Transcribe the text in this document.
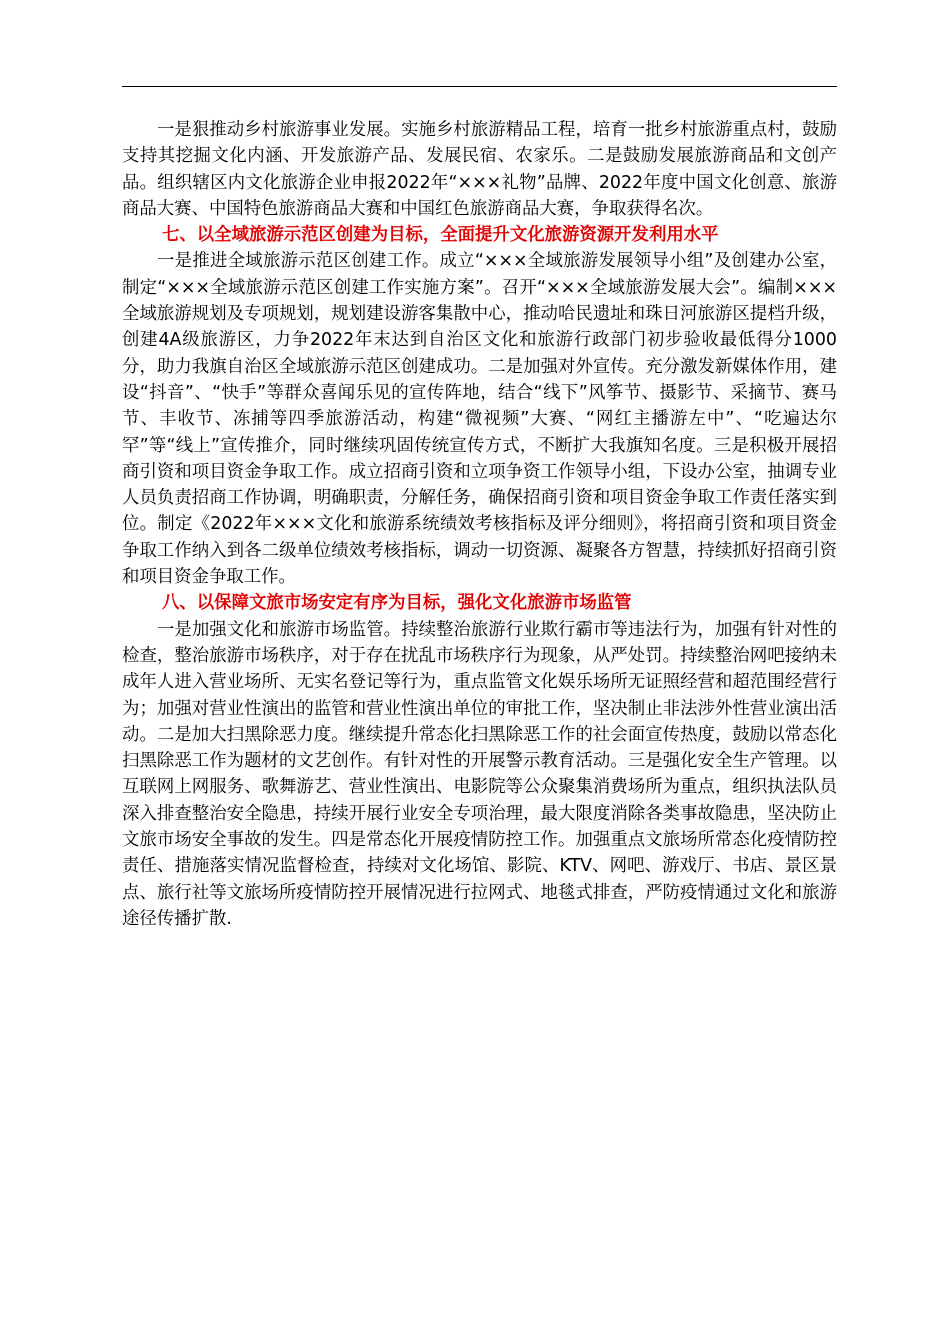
一是狠推动乡村旅游事业发展。实施乡村旅游精品工程，培育一批乡村旅游重点村，鼓励支持其挖掘文化内涵、开发旅游产品、发展民宿、农家乐。二是鼓励发展旅游商品和文创产品。组织辖区内文化旅游企业申报2022年“×××礼物”品牌、2022年度中国文化创意、旅游商品大赛、中国特色旅游商品大赛和中国红色旅游商品大赛，争取获得名次。

七、以全域旅游示范区创建为目标，全面提升文化旅游资源开发利用水平

一是推进全域旅游示范区创建工作。成立“×××全域旅游发展领导小组”及创建办公室，制定“×××全域旅游示范区创建工作实施方案”。召开“×××全域旅游发展大会”。编制×××全域旅游规划及专项规划，规划建设游客集散中心，推动哈民遗址和珠日河旅游区提档升级，创建4A级旅游区，力争2022年末达到自治区文化和旅游行政部门初步验收最低得分1000分，助力我旗自治区全域旅游示范区创建成功。二是加强对外宣传。充分激发新媒体作用，建设“抖音”、“快手”等群众喜闻乐见的宣传阵地，结合“线下”风筝节、摄影节、采摘节、赛马节、丰收节、冻捕等四季旅游活动，构建“微视频”大赛、“网红主播游左中”、“吃遍达尔罕”等“线上”宣传推介，同时继续巩固传统宣传方式，不断扩大我旗知名度。三是积极开展招商引资和项目资金争取工作。成立招商引资和立项争资工作领导小组，下设办公室，抽调专业人员负责招商工作协调，明确职责，分解任务，确保招商引资和项目资金争取工作责任落实到位。制定《2022年×××文化和旅游系统绩效考核指标及评分细则》，将招商引资和项目资金争取工作纳入到各二级单位绩效考核指标，调动一切资源、凝聚各方智慧，持续抓好招商引资和项目资金争取工作。

八、以保障文旅市场安定有序为目标，强化文化旅游市场监管

一是加强文化和旅游市场监管。持续整治旅游行业欺行霸市等违法行为，加强有针对性的检查，整治旅游市场秩序，对于存在扰乱市场秩序行为现象，从严处罚。持续整治网吧接纳未成年人进入营业场所、无实名登记等行为，重点监管文化娱乐场所无证照经营和超范围经营行为；加强对营业性演出的监管和营业性演出单位的审批工作，坚决制止非法涉外性营业演出活动。二是加大扫黑除恶力度。继续提升常态化扫黑除恶工作的社会面宣传热度，鼓励以常态化扫黑除恶工作为题材的文艺创作。有针对性的开展警示教育活动。三是强化安全生产管理。以互联网上网服务、歌舞游艺、营业性演出、电影院等公众聚集消费场所为重点，组织执法队员深入排查整治安全隐患，持续开展行业安全专项治理，最大限度消除各类事故隐患，坚决防止文旅市场安全事故的发生。四是常态化开展疫情防控工作。加强重点文旅场所常态化疫情防控责任、措施落实情况监督检查，持续对文化场馆、影院、KTV、网吧、游戏厅、书店、景区景点、旅行社等文旅场所疫情防控开展情况进行拉网式、地毯式排查，严防疫情通过文化和旅游途径传播扩散.
